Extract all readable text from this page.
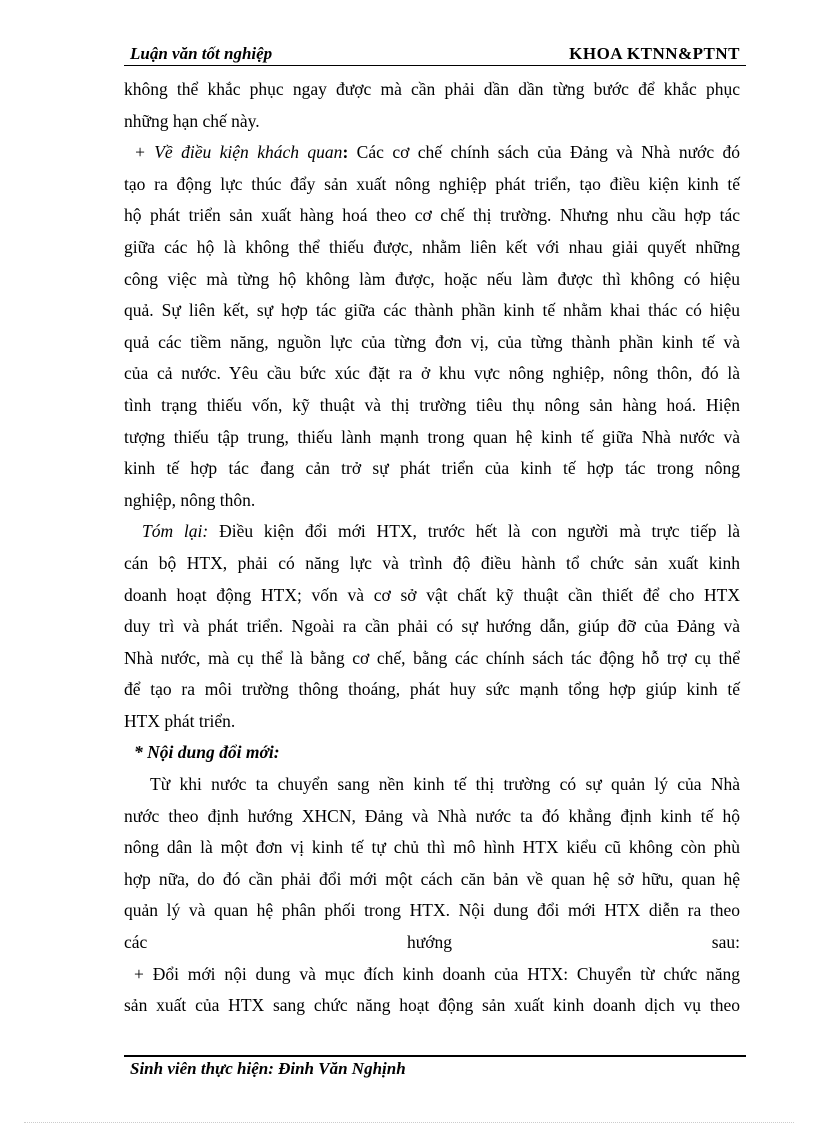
Luận văn tốt nghiệp	KHOA KTNN&PTNT
không thể khắc phục ngay được mà cần phải dần dần từng bước để khắc phục
những hạn chế này.
+ Về điều kiện khách quan: Các cơ chế chính sách của Đảng và Nhà nước đó
tạo ra động lực thúc đẩy sản xuất nông nghiệp phát triển, tạo điều kiện kinh tế
hộ phát triển sản xuất hàng hoá theo cơ chế thị trường. Nhưng nhu cầu hợp tác
giữa các hộ là không thể thiếu được, nhằm liên kết với nhau giải quyết những
công việc mà từng hộ không làm được, hoặc nếu làm được thì không có hiệu
quả. Sự liên kết, sự hợp tác giữa các thành phần kinh tế nhằm khai thác có hiệu
quả các tiềm năng, nguồn lực của từng đơn vị, của từng thành phần kinh tế và
của cả nước. Yêu cầu bức xúc đặt ra ở khu vực nông nghiệp, nông thôn, đó là
tình trạng thiếu vốn, kỹ thuật và thị trường tiêu thụ nông sản hàng hoá. Hiện
tượng thiếu tập trung, thiếu lành mạnh trong quan hệ kinh tế giữa Nhà nước và
kinh tế hợp tác đang cản trở sự phát triển của kinh tế hợp tác trong nông
nghiệp, nông thôn.
Tóm lại: Điều kiện đổi mới HTX, trước hết là con người mà trực tiếp là
cán bộ HTX, phải có năng lực và trình độ điều hành tổ chức sản xuất kinh
doanh hoạt động HTX; vốn và cơ sở vật chất kỹ thuật cần thiết để cho HTX
duy trì và phát triển. Ngoài ra cần phải có sự hướng dẫn, giúp đỡ của Đảng và
Nhà nước, mà cụ thể là bằng cơ chế, bằng các chính sách tác động hỗ trợ cụ thể
để tạo ra môi trường thông thoáng, phát huy sức mạnh tổng hợp giúp kinh tế
HTX phát triển.
* Nội dung đổi mới:
Từ khi nước ta chuyển sang nền kinh tế thị trường có sự quản lý của Nhà
nước theo định hướng XHCN, Đảng và Nhà nước ta đó khẳng định kinh tế hộ
nông dân là một đơn vị kinh tế tự chủ thì mô hình HTX kiểu cũ không còn phù
hợp nữa, do đó cần phải đổi mới một cách căn bản về quan hệ sở hữu, quan hệ
quản lý và quan hệ phân phối trong HTX. Nội dung đổi mới HTX diễn ra theo
các	hướng	sau:
+ Đổi mới nội dung và mục đích kinh doanh của HTX: Chuyển từ chức năng
sản xuất của HTX sang chức năng hoạt động sản xuất kinh doanh dịch vụ theo
Sinh viên thực hiện: Đinh Văn Nghịnh
